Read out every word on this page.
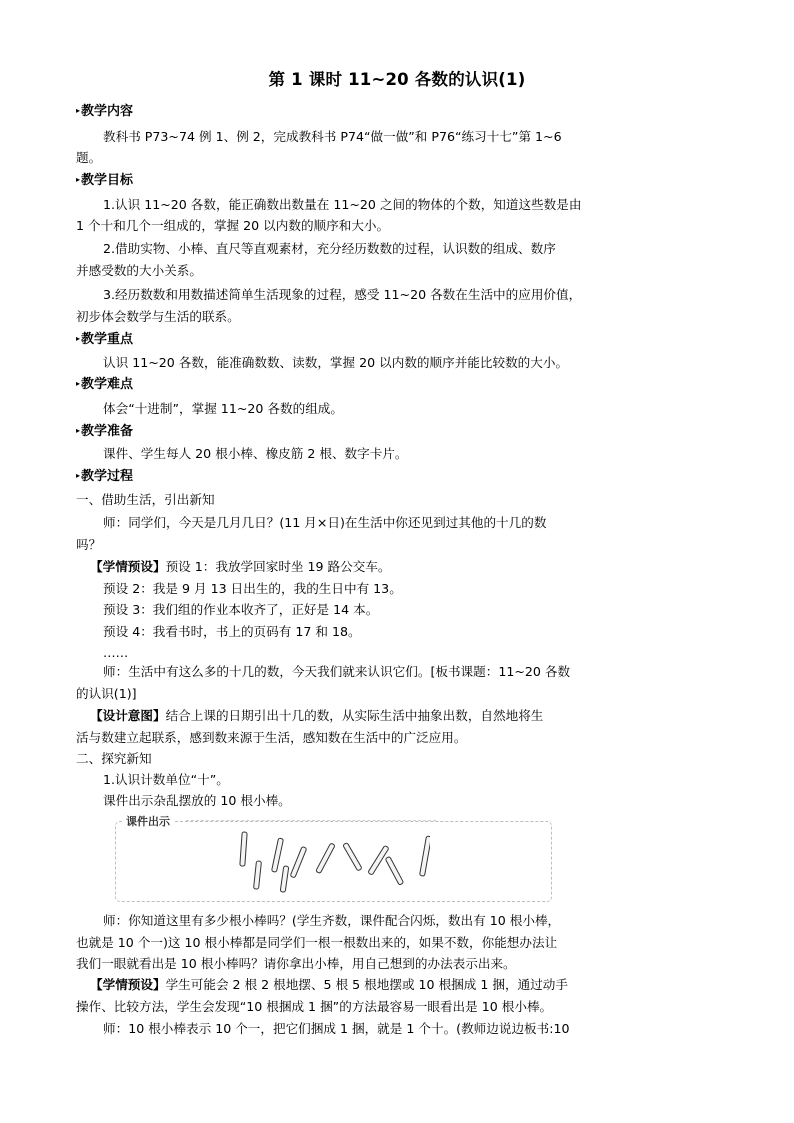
第 1 课时 11~20 各数的认识(1)
▸教学内容
教科书 P73~74 例 1、例 2，完成教科书 P74“做一做”和 P76“练习十七”第 1~6
题。
▸教学目标
1.认识 11~20 各数，能正确数出数量在 11~20 之间的物体的个数，知道这些数是由
1 个十和几个一组成的，掌握 20 以内数的顺序和大小。
2.借助实物、小棒、直尺等直观素材，充分经历数数的过程，认识数的组成、数序
并感受数的大小关系。
3.经历数数和用数描述简单生活现象的过程，感受 11~20 各数在生活中的应用价值，
初步体会数学与生活的联系。
▸教学重点
认识 11~20 各数，能准确数数、读数，掌握 20 以内数的顺序并能比较数的大小。
▸教学难点
体会“十进制”，掌握 11~20 各数的组成。
▸教学准备
课件、学生每人 20 根小棒、橡皮筋 2 根、数字卡片。
▸教学过程
一、借助生活，引出新知
师：同学们，今天是几月几日？(11 月×日)在生活中你还见到过其他的十几的数
吗？
【学情预设】预设 1：我放学回家时坐 19 路公交车。
预设 2：我是 9 月 13 日出生的，我的生日中有 13。
预设 3：我们组的作业本收齐了，正好是 14 本。
预设 4：我看书时，书上的页码有 17 和 18。
……
师：生活中有这么多的十几的数，今天我们就来认识它们。[板书课题：11~20 各数
的认识(1)]
【设计意图】结合上课的日期引出十几的数，从实际生活中抽象出数，自然地将生
活与数建立起联系，感到数来源于生活，感知数在生活中的广泛应用。
二、探究新知
1.认识计数单位“十”。
课件出示杂乱摆放的 10 根小棒。
课件出示
师：你知道这里有多少根小棒吗？(学生齐数，课件配合闪烁，数出有 10 根小棒，
也就是 10 个一)这 10 根小棒都是同学们一根一根数出来的，如果不数，你能想办法让
我们一眼就看出是 10 根小棒吗？请你拿出小棒，用自己想到的办法表示出来。
【学情预设】学生可能会 2 根 2 根地摆、5 根 5 根地摆或 10 根捆成 1 捆，通过动手
操作、比较方法，学生会发现“10 根捆成 1 捆”的方法最容易一眼看出是 10 根小棒。
师：10 根小棒表示 10 个一，把它们捆成 1 捆，就是 1 个十。(教师边说边板书:10
